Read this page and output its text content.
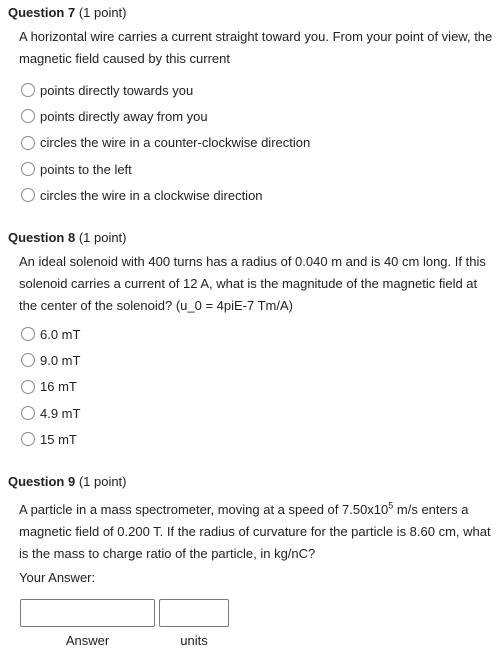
Question 7 (1 point)
A horizontal wire carries a current straight toward you. From your point of view, the magnetic field caused by this current
points directly towards you
points directly away from you
circles the wire in a counter-clockwise direction
points to the left
circles the wire in a clockwise direction
Question 8 (1 point)
An ideal solenoid with 400 turns has a radius of 0.040 m and is 40 cm long. If this solenoid carries a current of 12 A, what is the magnitude of the magnetic field at the center of the solenoid? (u_0 = 4piE-7 Tm/A)
6.0 mT
9.0 mT
16 mT
4.9 mT
15 mT
Question 9 (1 point)
A particle in a mass spectrometer, moving at a speed of $7.50x10^5$ m/s enters a magnetic field of 0.200 T. If the radius of curvature for the particle is 8.60 cm, what is the mass to charge ratio of the particle, in kg/nC?
Your Answer:
Answer	units
